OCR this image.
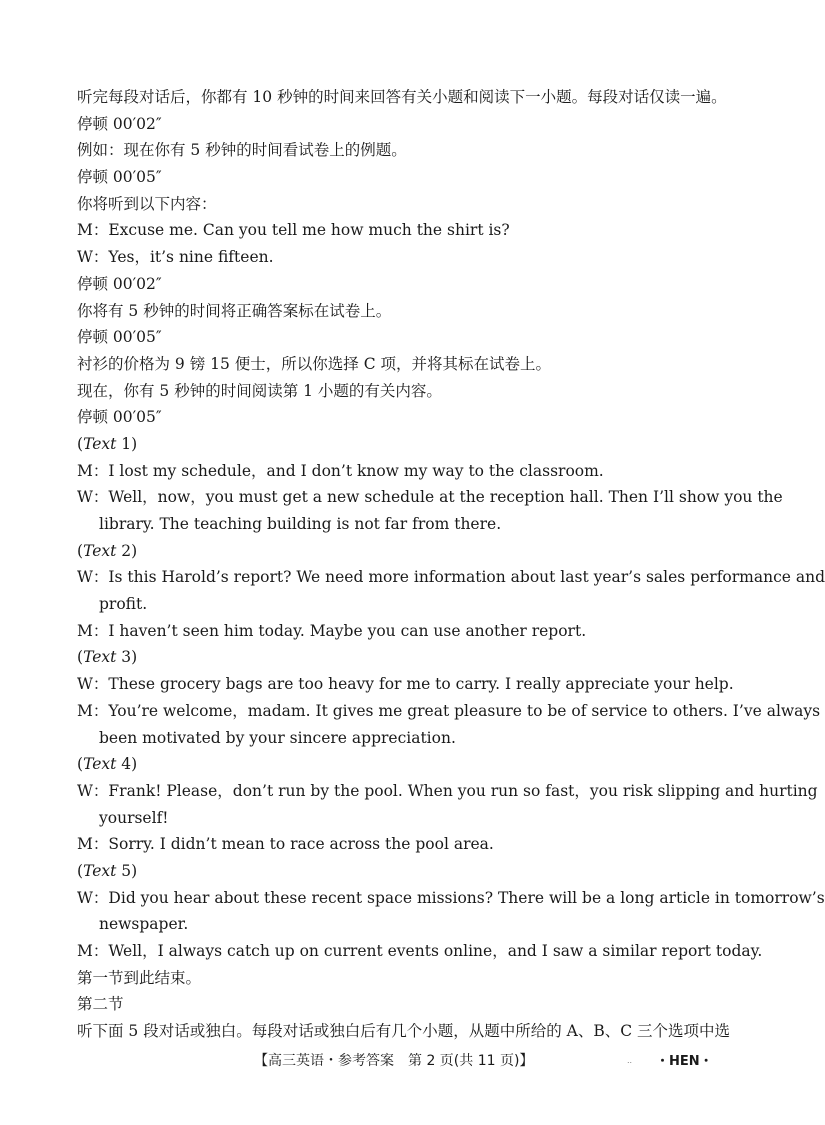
听完每段对话后，你都有 10 秒钟的时间来回答有关小题和阅读下一小题。每段对话仅读一遍。
停顿 00′02″
例如：现在你有 5 秒钟的时间看试卷上的例题。
停顿 00′05″
你将听到以下内容：
M：Excuse me. Can you tell me how much the shirt is?
W：Yes，it’s nine fifteen.
停顿 00′02″
你将有 5 秒钟的时间将正确答案标在试卷上。
停顿 00′05″
衬衫的价格为 9 镑 15 便士，所以你选择 C 项，并将其标在试卷上。
现在，你有 5 秒钟的时间阅读第 1 小题的有关内容。
停顿 00′05″
(Text 1)
M：I lost my schedule，and I don’t know my way to the classroom.
W：Well，now，you must get a new schedule at the reception hall. Then I’ll show you the
library. The teaching building is not far from there.
(Text 2)
W：Is this Harold’s report? We need more information about last year’s sales performance and
profit.
M：I haven’t seen him today. Maybe you can use another report.
(Text 3)
W：These grocery bags are too heavy for me to carry. I really appreciate your help.
M：You’re welcome，madam. It gives me great pleasure to be of service to others. I’ve always
been motivated by your sincere appreciation.
(Text 4)
W：Frank! Please，don’t run by the pool. When you run so fast，you risk slipping and hurting
yourself!
M：Sorry. I didn’t mean to race across the pool area.
(Text 5)
W：Did you hear about these recent space missions? There will be a long article in tomorrow’s
newspaper.
M：Well，I always catch up on current events online，and I saw a similar report today.
第一节到此结束。
第二节
听下面 5 段对话或独白。每段对话或独白后有几个小题，从题中所给的 A、B、C 三个选项中选
【高三英语・参考答案　第 2 页(共 11 页)】	.. ・HEN・
